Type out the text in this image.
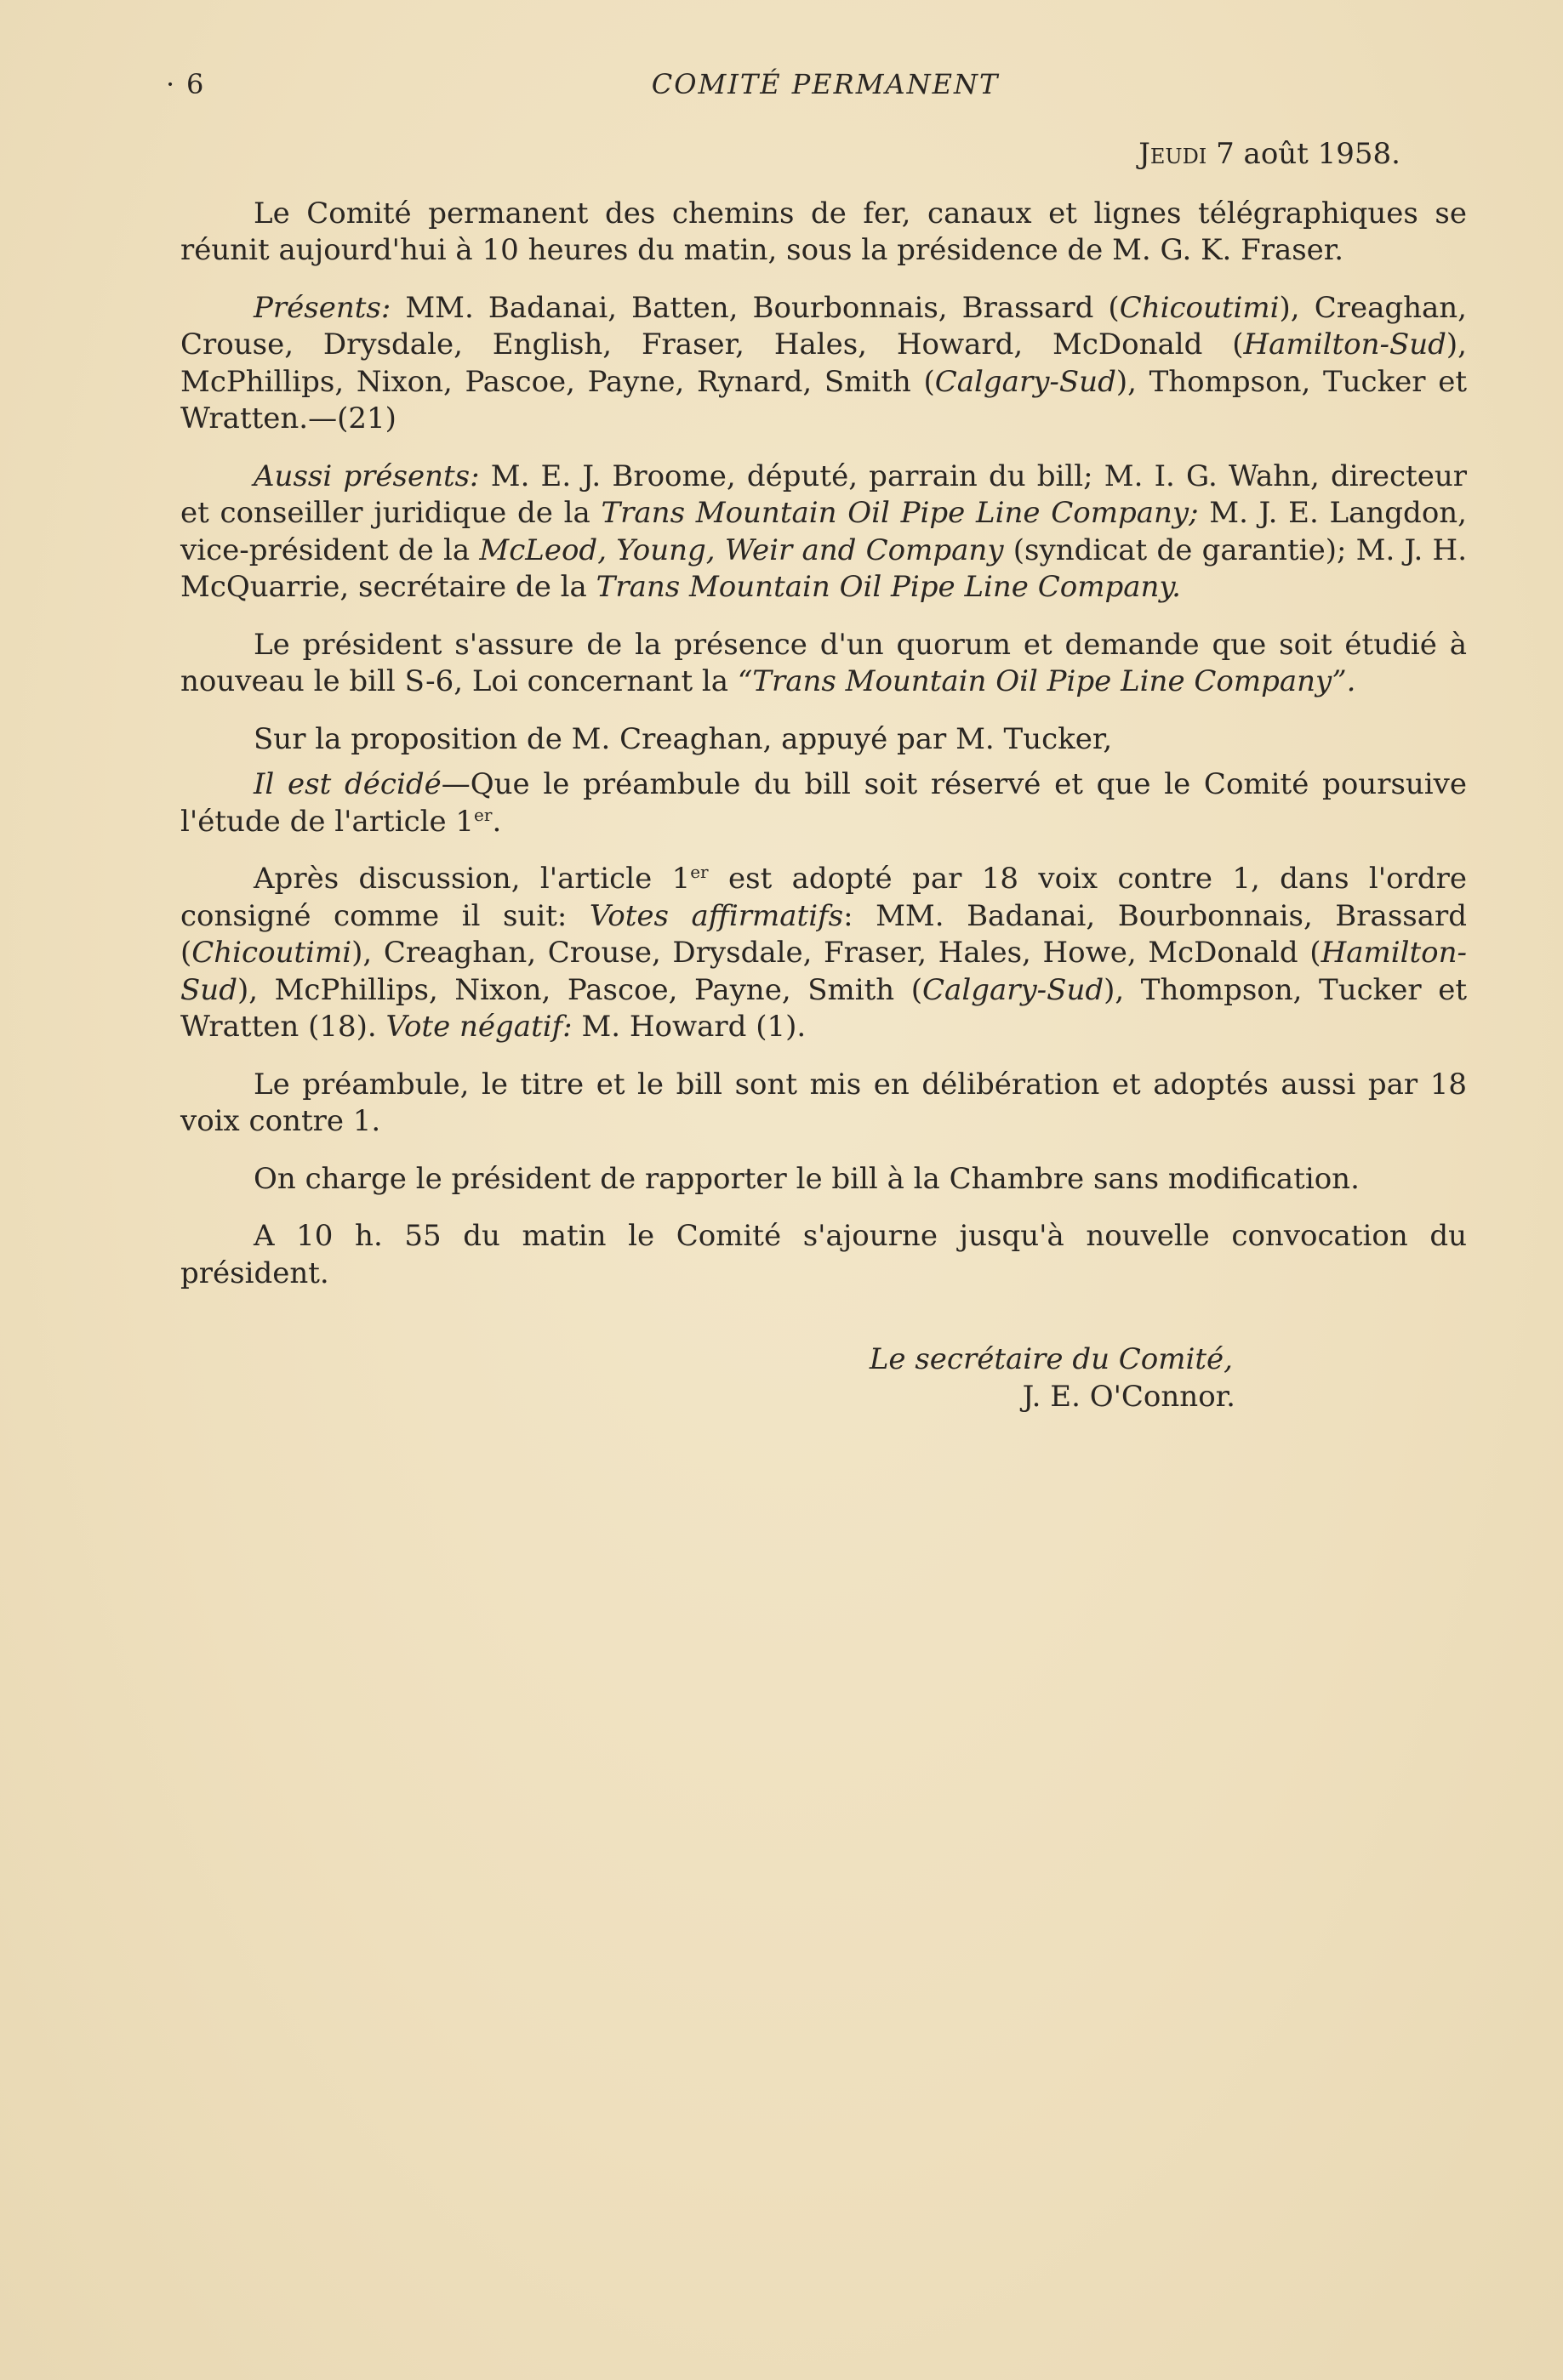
· 6	COMITÉ PERMANENT
Jeudi 7 août 1958.

Le Comité permanent des chemins de fer, canaux et lignes télégraphiques se réunit aujourd'hui à 10 heures du matin, sous la présidence de M. G. K. Fraser.

Présents: MM. Badanai, Batten, Bourbonnais, Brassard (Chicoutimi), Creaghan, Crouse, Drysdale, English, Fraser, Hales, Howard, McDonald (Hamilton-Sud), McPhillips, Nixon, Pascoe, Payne, Rynard, Smith (Calgary-Sud), Thompson, Tucker et Wratten.—(21)

Aussi présents: M. E. J. Broome, député, parrain du bill; M. I. G. Wahn, directeur et conseiller juridique de la Trans Mountain Oil Pipe Line Company; M. J. E. Langdon, vice-président de la McLeod, Young, Weir and Company (syndicat de garantie); M. J. H. McQuarrie, secrétaire de la Trans Mountain Oil Pipe Line Company.

Le président s'assure de la présence d'un quorum et demande que soit étudié à nouveau le bill S-6, Loi concernant la “Trans Mountain Oil Pipe Line Company”.

Sur la proposition de M. Creaghan, appuyé par M. Tucker,

Il est décidé—Que le préambule du bill soit réservé et que le Comité poursuive l'étude de l'article 1er.

Après discussion, l'article 1er est adopté par 18 voix contre 1, dans l'ordre consigné comme il suit: Votes affirmatifs: MM. Badanai, Bourbonnais, Brassard (Chicoutimi), Creaghan, Crouse, Drysdale, Fraser, Hales, Howe, McDonald (Hamilton-Sud), McPhillips, Nixon, Pascoe, Payne, Smith (Calgary-Sud), Thompson, Tucker et Wratten (18). Vote négatif: M. Howard (1).

Le préambule, le titre et le bill sont mis en délibération et adoptés aussi par 18 voix contre 1.

On charge le président de rapporter le bill à la Chambre sans modification.

A 10 h. 55 du matin le Comité s'ajourne jusqu'à nouvelle convocation du président.

Le secrétaire du Comité,
J. E. O'Connor.
